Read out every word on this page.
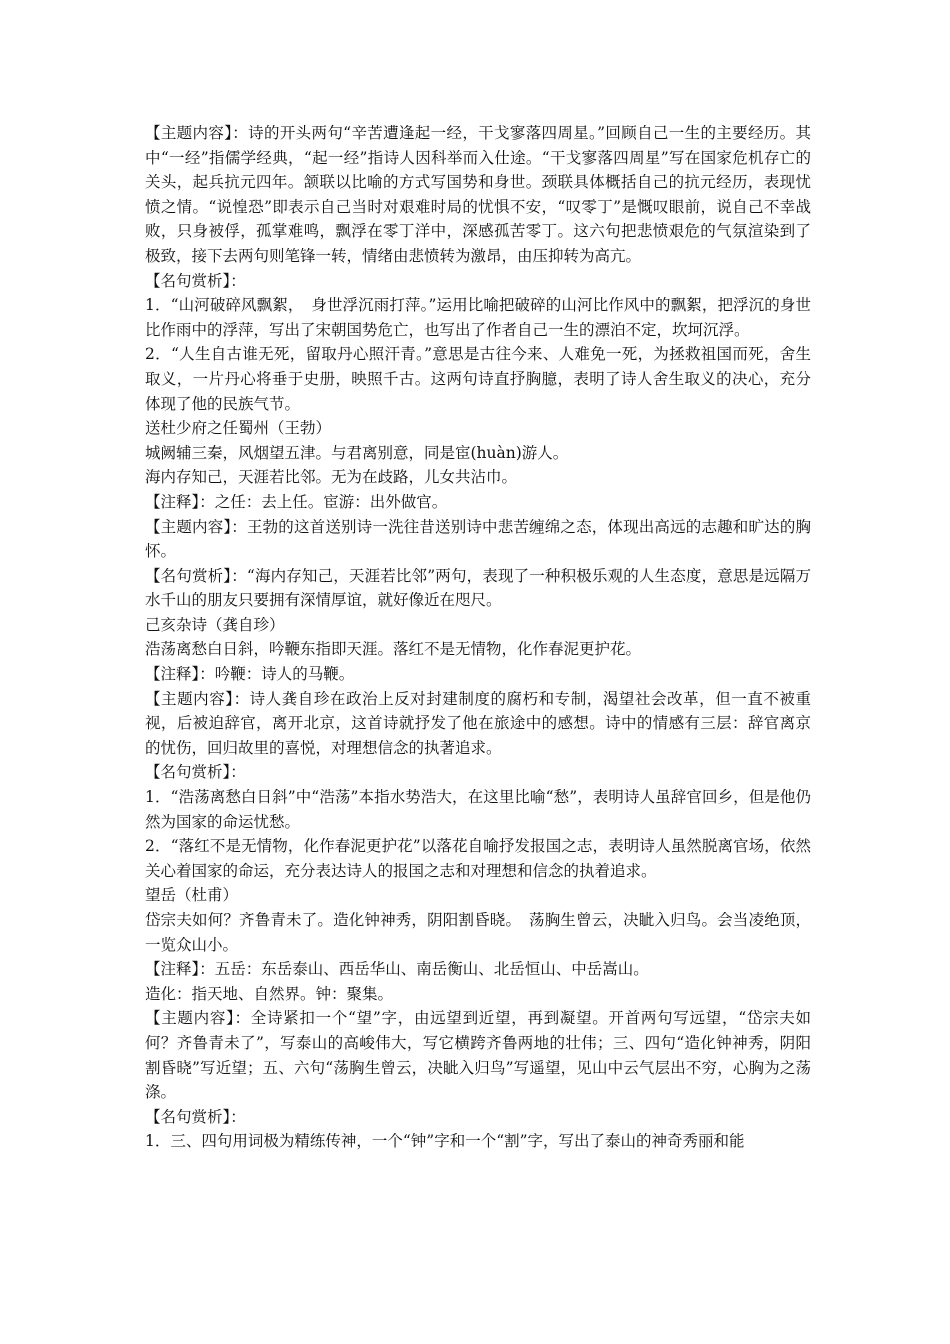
【主题内容】：诗的开头两句“辛苦遭逢起一经，干戈寥落四周星。”回顾自己一生的主要经历。其中“一经”指儒学经典，“起一经”指诗人因科举而入仕途。“干戈寥落四周星”写在国家危机存亡的关头，起兵抗元四年。颔联以比喻的方式写国势和身世。颈联具体概括自己的抗元经历，表现忧愤之情。“说惶恐”即表示自己当时对艰难时局的忧惧不安，“叹零丁”是慨叹眼前，说自己不幸战败，只身被俘，孤掌难鸣，飘浮在零丁洋中，深感孤苦零丁。这六句把悲愤艰危的气氛渲染到了极致，接下去两句则笔锋一转，情绪由悲愤转为激昂，由压抑转为高亢。

【名句赏析】：

1．“山河破碎风飘絮，　身世浮沉雨打萍。”运用比喻把破碎的山河比作风中的飘絮，把浮沉的身世比作雨中的浮萍，写出了宋朝国势危亡，也写出了作者自己一生的漂泊不定，坎坷沉浮。

2．“人生自古谁无死，留取丹心照汗青。”意思是古往今来、人难免一死，为拯救祖国而死，舍生取义，一片丹心将垂于史册，映照千古。这两句诗直抒胸臆，表明了诗人舍生取义的决心，充分体现了他的民族气节。

送杜少府之任蜀州（王勃）

城阙辅三秦，风烟望五津。与君离别意，同是宦(huàn)游人。

海内存知己，天涯若比邻。无为在歧路，儿女共沾巾。

【注释】：之任：去上任。宦游：出外做官。

【主题内容】：王勃的这首送别诗一洗往昔送别诗中悲苦缠绵之态，体现出高远的志趣和旷达的胸怀。

【名句赏析】：“海内存知己，天涯若比邻”两句，表现了一种积极乐观的人生态度，意思是远隔万水千山的朋友只要拥有深情厚谊，就好像近在咫尺。

己亥杂诗（龚自珍）

浩荡离愁白日斜，吟鞭东指即天涯。落红不是无情物，化作春泥更护花。

【注释】：吟鞭：诗人的马鞭。

【主题内容】：诗人龚自珍在政治上反对封建制度的腐朽和专制，渴望社会改革，但一直不被重视，后被迫辞官，离开北京，这首诗就抒发了他在旅途中的感想。诗中的情感有三层：辞官离京的忧伤，回归故里的喜悦，对理想信念的执著追求。

【名句赏析】：

1．“浩荡离愁白日斜”中“浩荡”本指水势浩大，在这里比喻“愁”，表明诗人虽辞官回乡，但是他仍然为国家的命运忧愁。

2．“落红不是无情物，化作春泥更护花”以落花自喻抒发报国之志，表明诗人虽然脱离官场，依然关心着国家的命运，充分表达诗人的报国之志和对理想和信念的执着追求。

望岳（杜甫）

岱宗夫如何？齐鲁青未了。造化钟神秀，阴阳割昏晓。　荡胸生曾云，决眦入归鸟。会当凌绝顶，一览众山小。

【注释】：五岳：东岳泰山、西岳华山、南岳衡山、北岳恒山、中岳嵩山。

造化：指天地、自然界。钟：聚集。

【主题内容】：全诗紧扣一个“望”字，由远望到近望，再到凝望。开首两句写远望，“岱宗夫如何？齐鲁青未了”，写泰山的高峻伟大，写它横跨齐鲁两地的壮伟；三、四句“造化钟神秀，阴阳割昏晓”写近望；五、六句“荡胸生曾云，决眦入归鸟”写遥望，见山中云气层出不穷，心胸为之荡涤。

【名句赏析】：

1．三、四句用词极为精练传神，一个“钟”字和一个“割”字，写出了泰山的神奇秀丽和能
